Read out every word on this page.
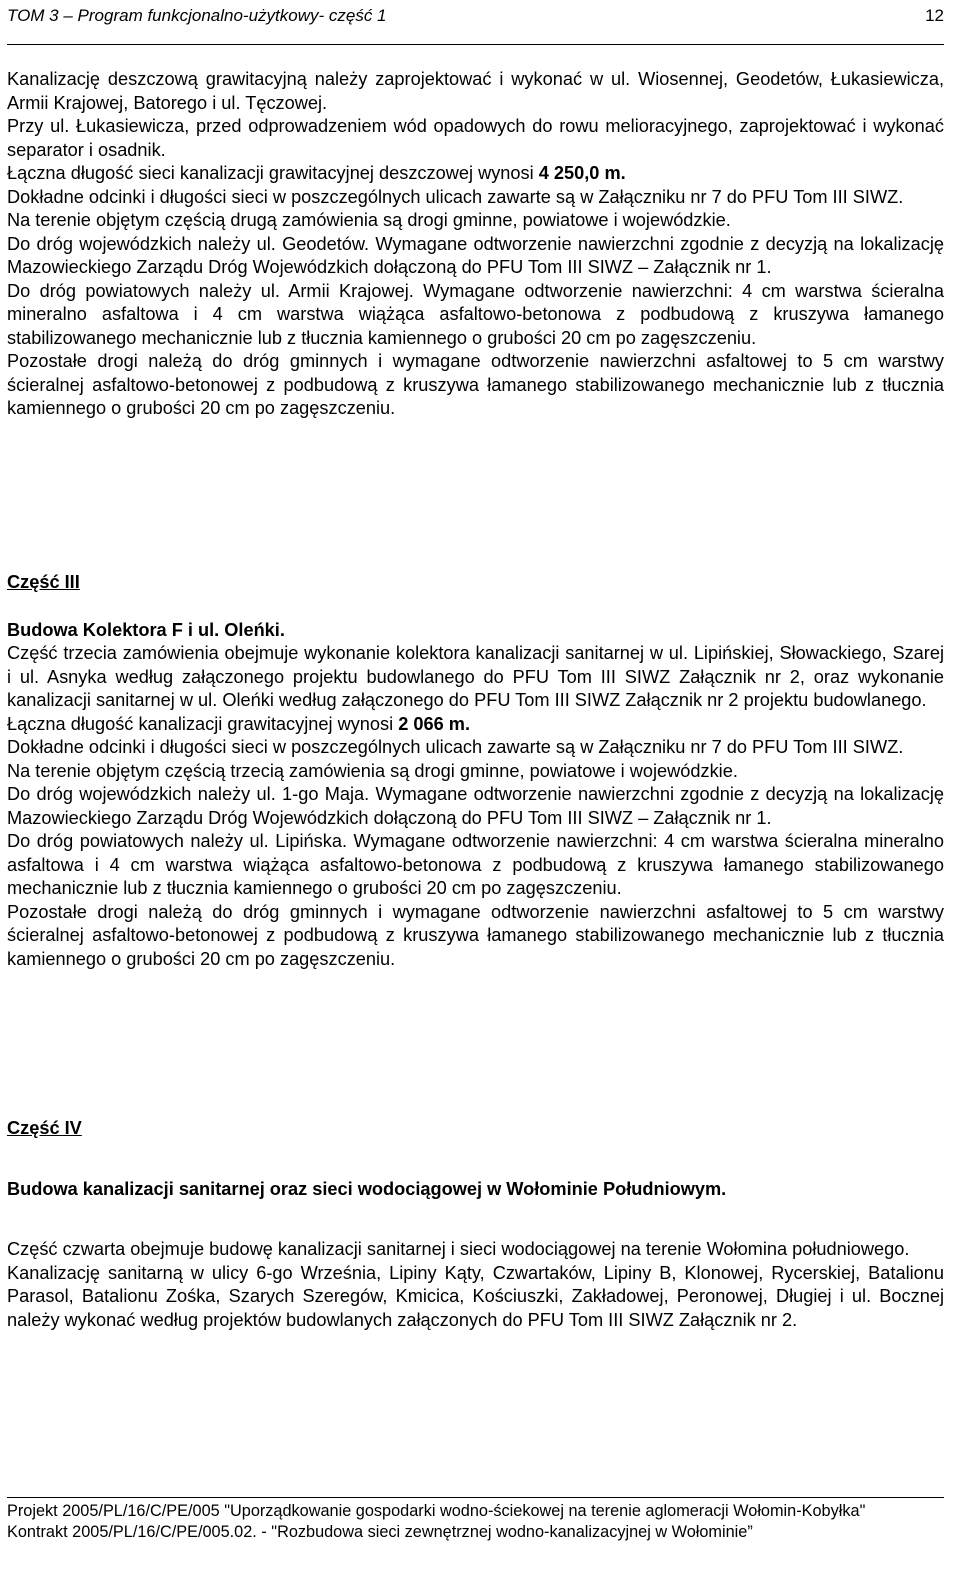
TOM 3 – Program funkcjonalno-użytkowy- część 1	12

Kanalizację deszczową grawitacyjną należy zaprojektować i wykonać w ul. Wiosennej, Geodetów, Łukasiewicza, Armii Krajowej, Batorego i ul. Tęczowej.

Przy ul. Łukasiewicza, przed odprowadzeniem wód opadowych do rowu melioracyjnego, zaprojektować i wykonać separator i osadnik.

Łączna długość sieci kanalizacji grawitacyjnej deszczowej wynosi 4 250,0 m.

Dokładne odcinki i długości sieci w poszczególnych ulicach zawarte są w Załączniku nr 7 do PFU Tom III SIWZ.

Na terenie objętym częścią drugą zamówienia są drogi gminne, powiatowe i wojewódzkie.

Do dróg wojewódzkich należy ul. Geodetów. Wymagane odtworzenie nawierzchni zgodnie z decyzją na lokalizację Mazowieckiego Zarządu Dróg Wojewódzkich dołączoną do PFU Tom III SIWZ – Załącznik nr 1.

Do dróg powiatowych należy ul. Armii Krajowej. Wymagane odtworzenie nawierzchni: 4 cm warstwa ścieralna mineralno asfaltowa i 4 cm warstwa wiążąca asfaltowo-betonowa z podbudową z kruszywa łamanego stabilizowanego mechanicznie lub z tłucznia kamiennego o grubości 20 cm po zagęszczeniu.

Pozostałe drogi należą do dróg gminnych i wymagane odtworzenie nawierzchni asfaltowej to 5 cm warstwy ścieralnej asfaltowo-betonowej z podbudową z kruszywa łamanego stabilizowanego mechanicznie lub z tłucznia kamiennego o grubości 20 cm po zagęszczeniu.

Część III

Budowa Kolektora F i ul. Oleńki.

Część trzecia zamówienia obejmuje wykonanie kolektora kanalizacji sanitarnej w ul. Lipińskiej, Słowackiego, Szarej i ul. Asnyka według załączonego projektu budowlanego do PFU Tom III SIWZ Załącznik nr 2, oraz wykonanie kanalizacji sanitarnej w ul. Oleńki według załączonego do PFU Tom III SIWZ Załącznik nr 2 projektu budowlanego.

Łączna długość kanalizacji grawitacyjnej wynosi 2 066 m.

Dokładne odcinki i długości sieci w poszczególnych ulicach zawarte są w Załączniku nr 7 do PFU Tom III SIWZ.

Na terenie objętym częścią trzecią zamówienia są drogi gminne, powiatowe i wojewódzkie.

Do dróg wojewódzkich należy ul. 1-go Maja. Wymagane odtworzenie nawierzchni zgodnie z decyzją na lokalizację Mazowieckiego Zarządu Dróg Wojewódzkich dołączoną do PFU Tom III SIWZ – Załącznik nr 1.

Do dróg powiatowych należy ul. Lipińska. Wymagane odtworzenie nawierzchni: 4 cm warstwa ścieralna mineralno asfaltowa i 4 cm warstwa wiążąca asfaltowo-betonowa z podbudową z kruszywa łamanego stabilizowanego mechanicznie lub z tłucznia kamiennego o grubości 20 cm po zagęszczeniu.

Pozostałe drogi należą do dróg gminnych i wymagane odtworzenie nawierzchni asfaltowej to 5 cm warstwy ścieralnej asfaltowo-betonowej z podbudową z kruszywa łamanego stabilizowanego mechanicznie lub z tłucznia kamiennego o grubości 20 cm po zagęszczeniu.

Część IV

Budowa kanalizacji sanitarnej oraz sieci wodociągowej w Wołominie Południowym.

Część czwarta obejmuje budowę kanalizacji sanitarnej i sieci wodociągowej na terenie Wołomina południowego.

Kanalizację sanitarną w ulicy 6-go Września, Lipiny Kąty, Czwartaków, Lipiny B, Klonowej, Rycerskiej, Batalionu Parasol, Batalionu Zośka, Szarych Szeregów, Kmicica, Kościuszki, Zakładowej, Peronowej, Długiej i ul. Bocznej należy wykonać według projektów budowlanych załączonych do PFU Tom III SIWZ Załącznik nr 2.

Projekt 2005/PL/16/C/PE/005 "Uporządkowanie gospodarki wodno-ściekowej na terenie aglomeracji Wołomin-Kobyłka"

Kontrakt 2005/PL/16/C/PE/005.02. - "Rozbudowa sieci zewnętrznej wodno-kanalizacyjnej w Wołominie”
